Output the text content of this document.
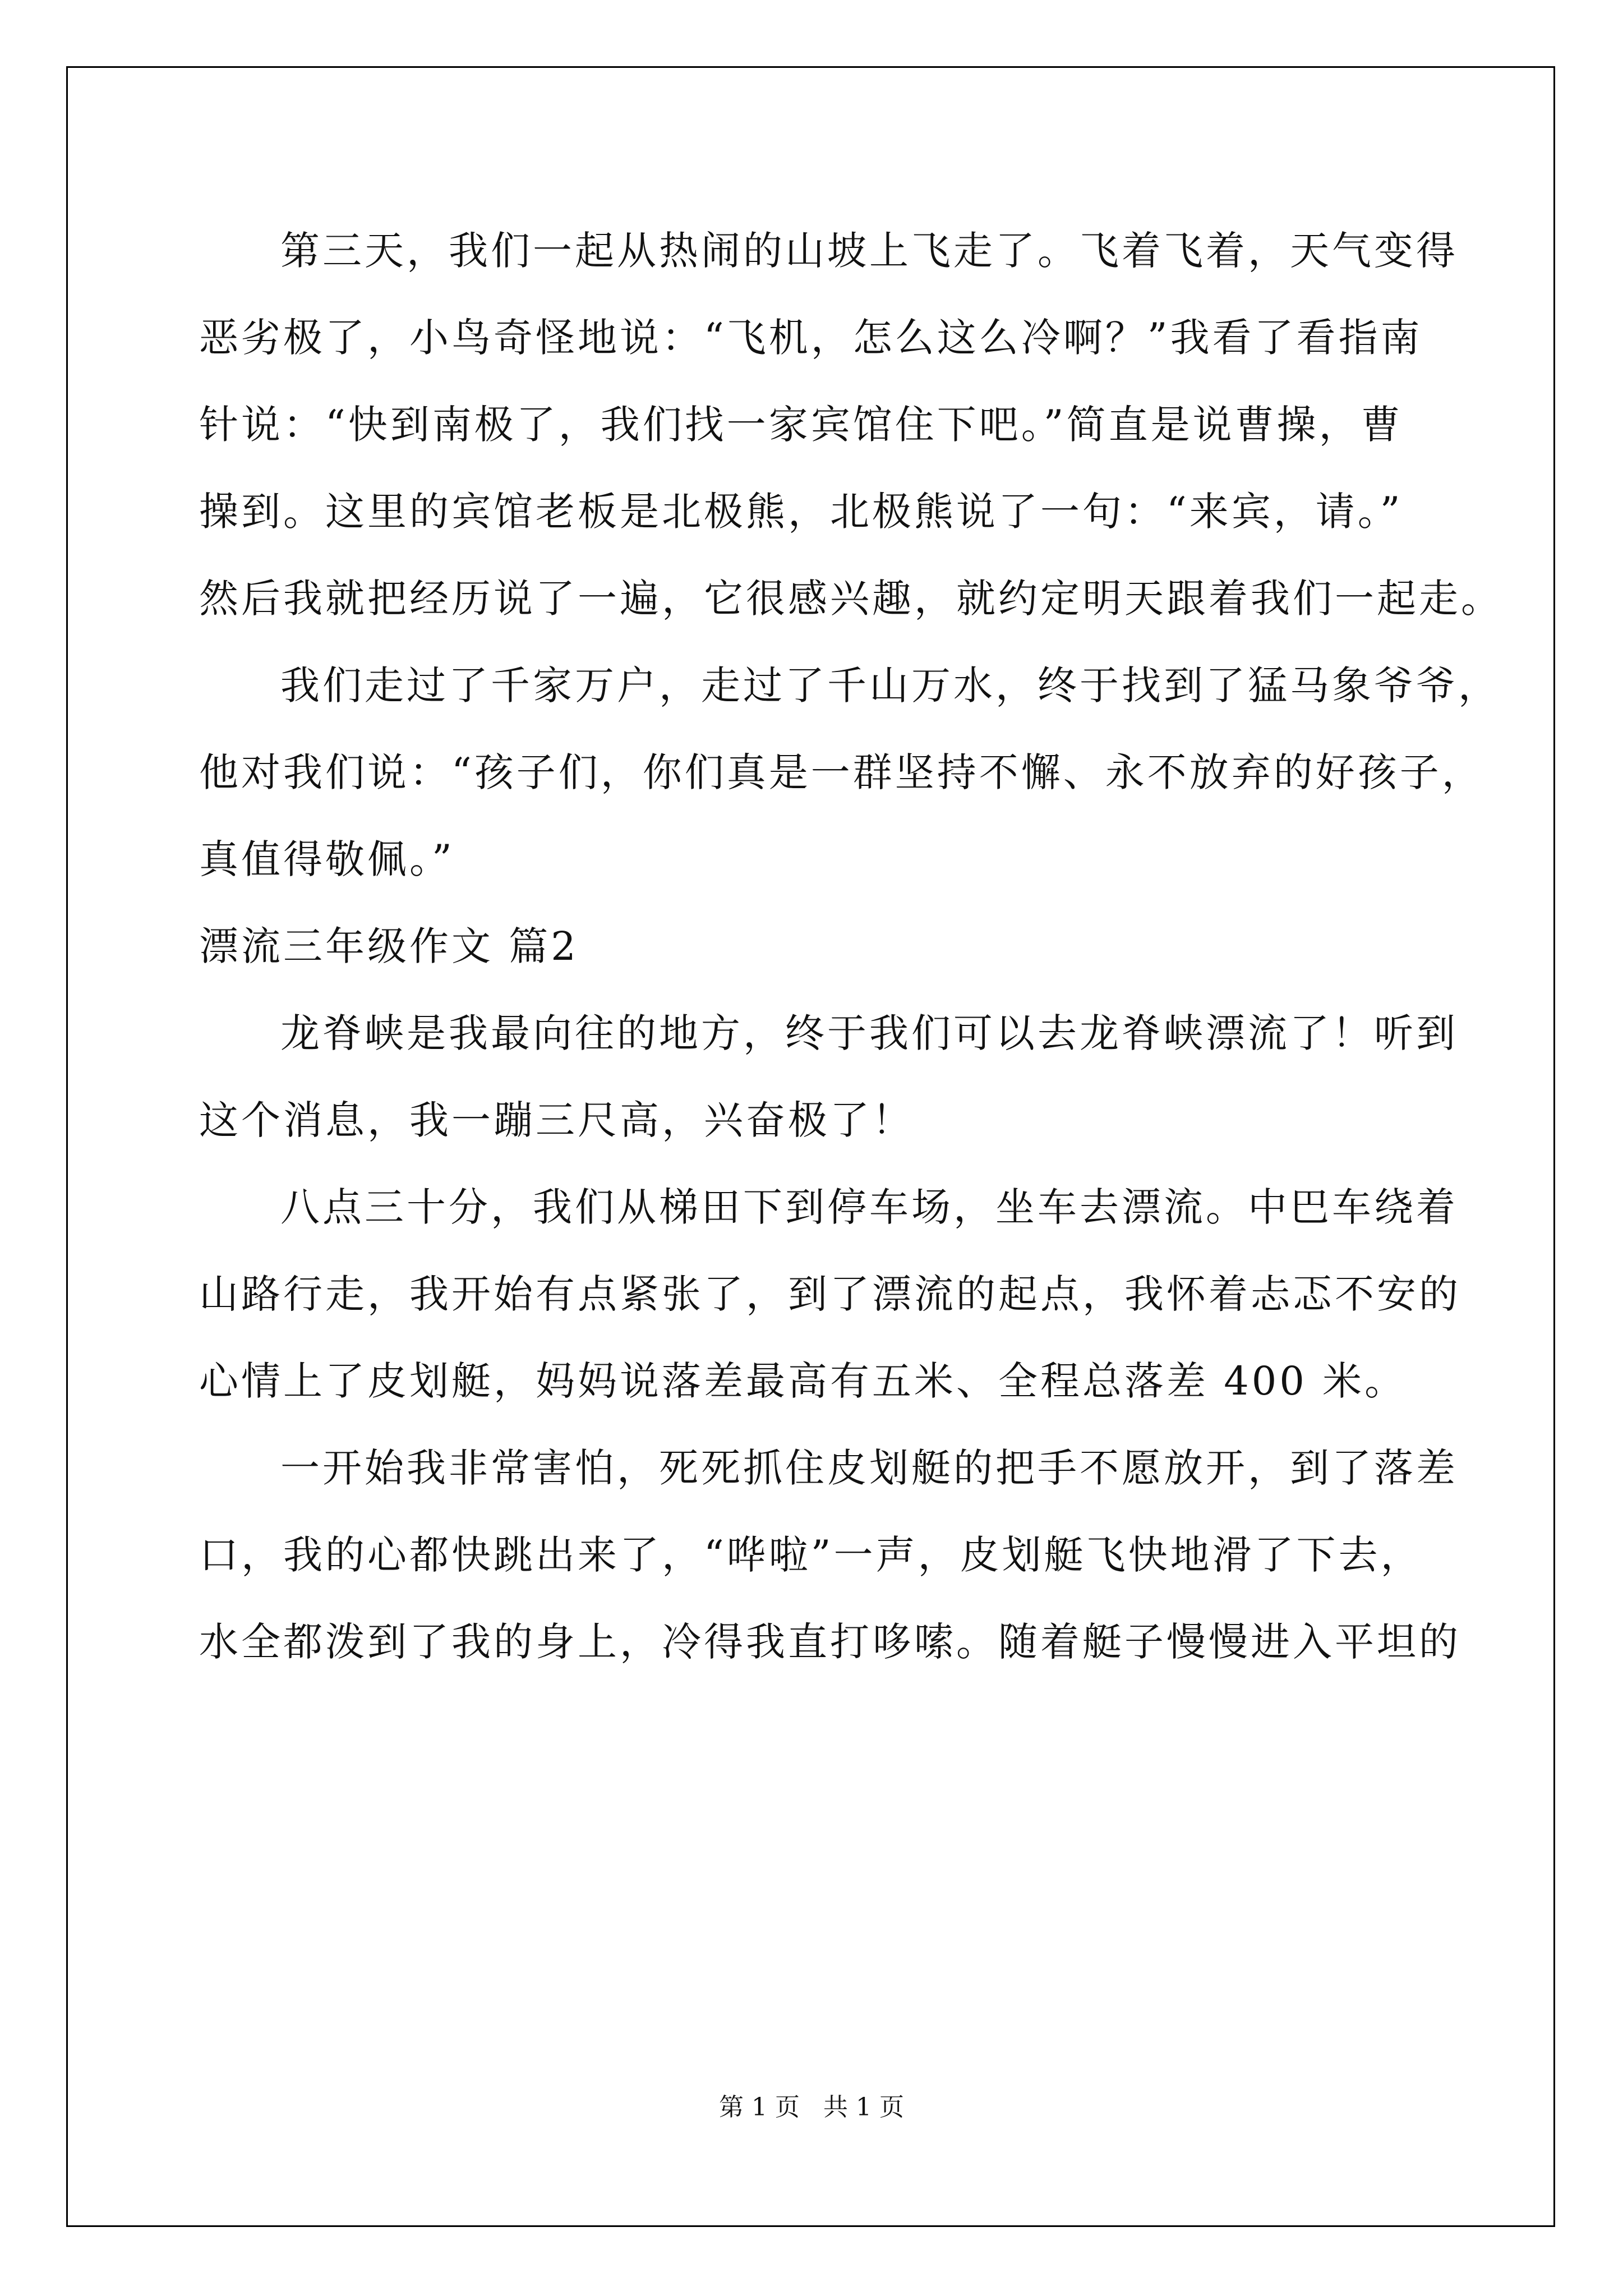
第三天，我们一起从热闹的山坡上飞走了。飞着飞着，天气变得
恶劣极了，小鸟奇怪地说：“飞机，怎么这么冷啊？”我看了看指南
针说：“快到南极了，我们找一家宾馆住下吧。”简直是说曹操，曹
操到。这里的宾馆老板是北极熊，北极熊说了一句：“来宾，请。”
然后我就把经历说了一遍，它很感兴趣，就约定明天跟着我们一起走。
我们走过了千家万户，走过了千山万水，终于找到了猛马象爷爷，
他对我们说：“孩子们，你们真是一群坚持不懈、永不放弃的好孩子，
真值得敬佩。”
漂流三年级作文 篇2
龙脊峡是我最向往的地方，终于我们可以去龙脊峡漂流了！听到
这个消息，我一蹦三尺高，兴奋极了！
八点三十分，我们从梯田下到停车场，坐车去漂流。中巴车绕着
山路行走，我开始有点紧张了，到了漂流的起点，我怀着忐忑不安的
心情上了皮划艇，妈妈说落差最高有五米、全程总落差 400 米。
一开始我非常害怕，死死抓住皮划艇的把手不愿放开，到了落差
口，我的心都快跳出来了，“哗啦”一声，皮划艇飞快地滑了下去，
水全都泼到了我的身上，冷得我直打哆嗦。随着艇子慢慢进入平坦的
第 1 页   共 1 页
